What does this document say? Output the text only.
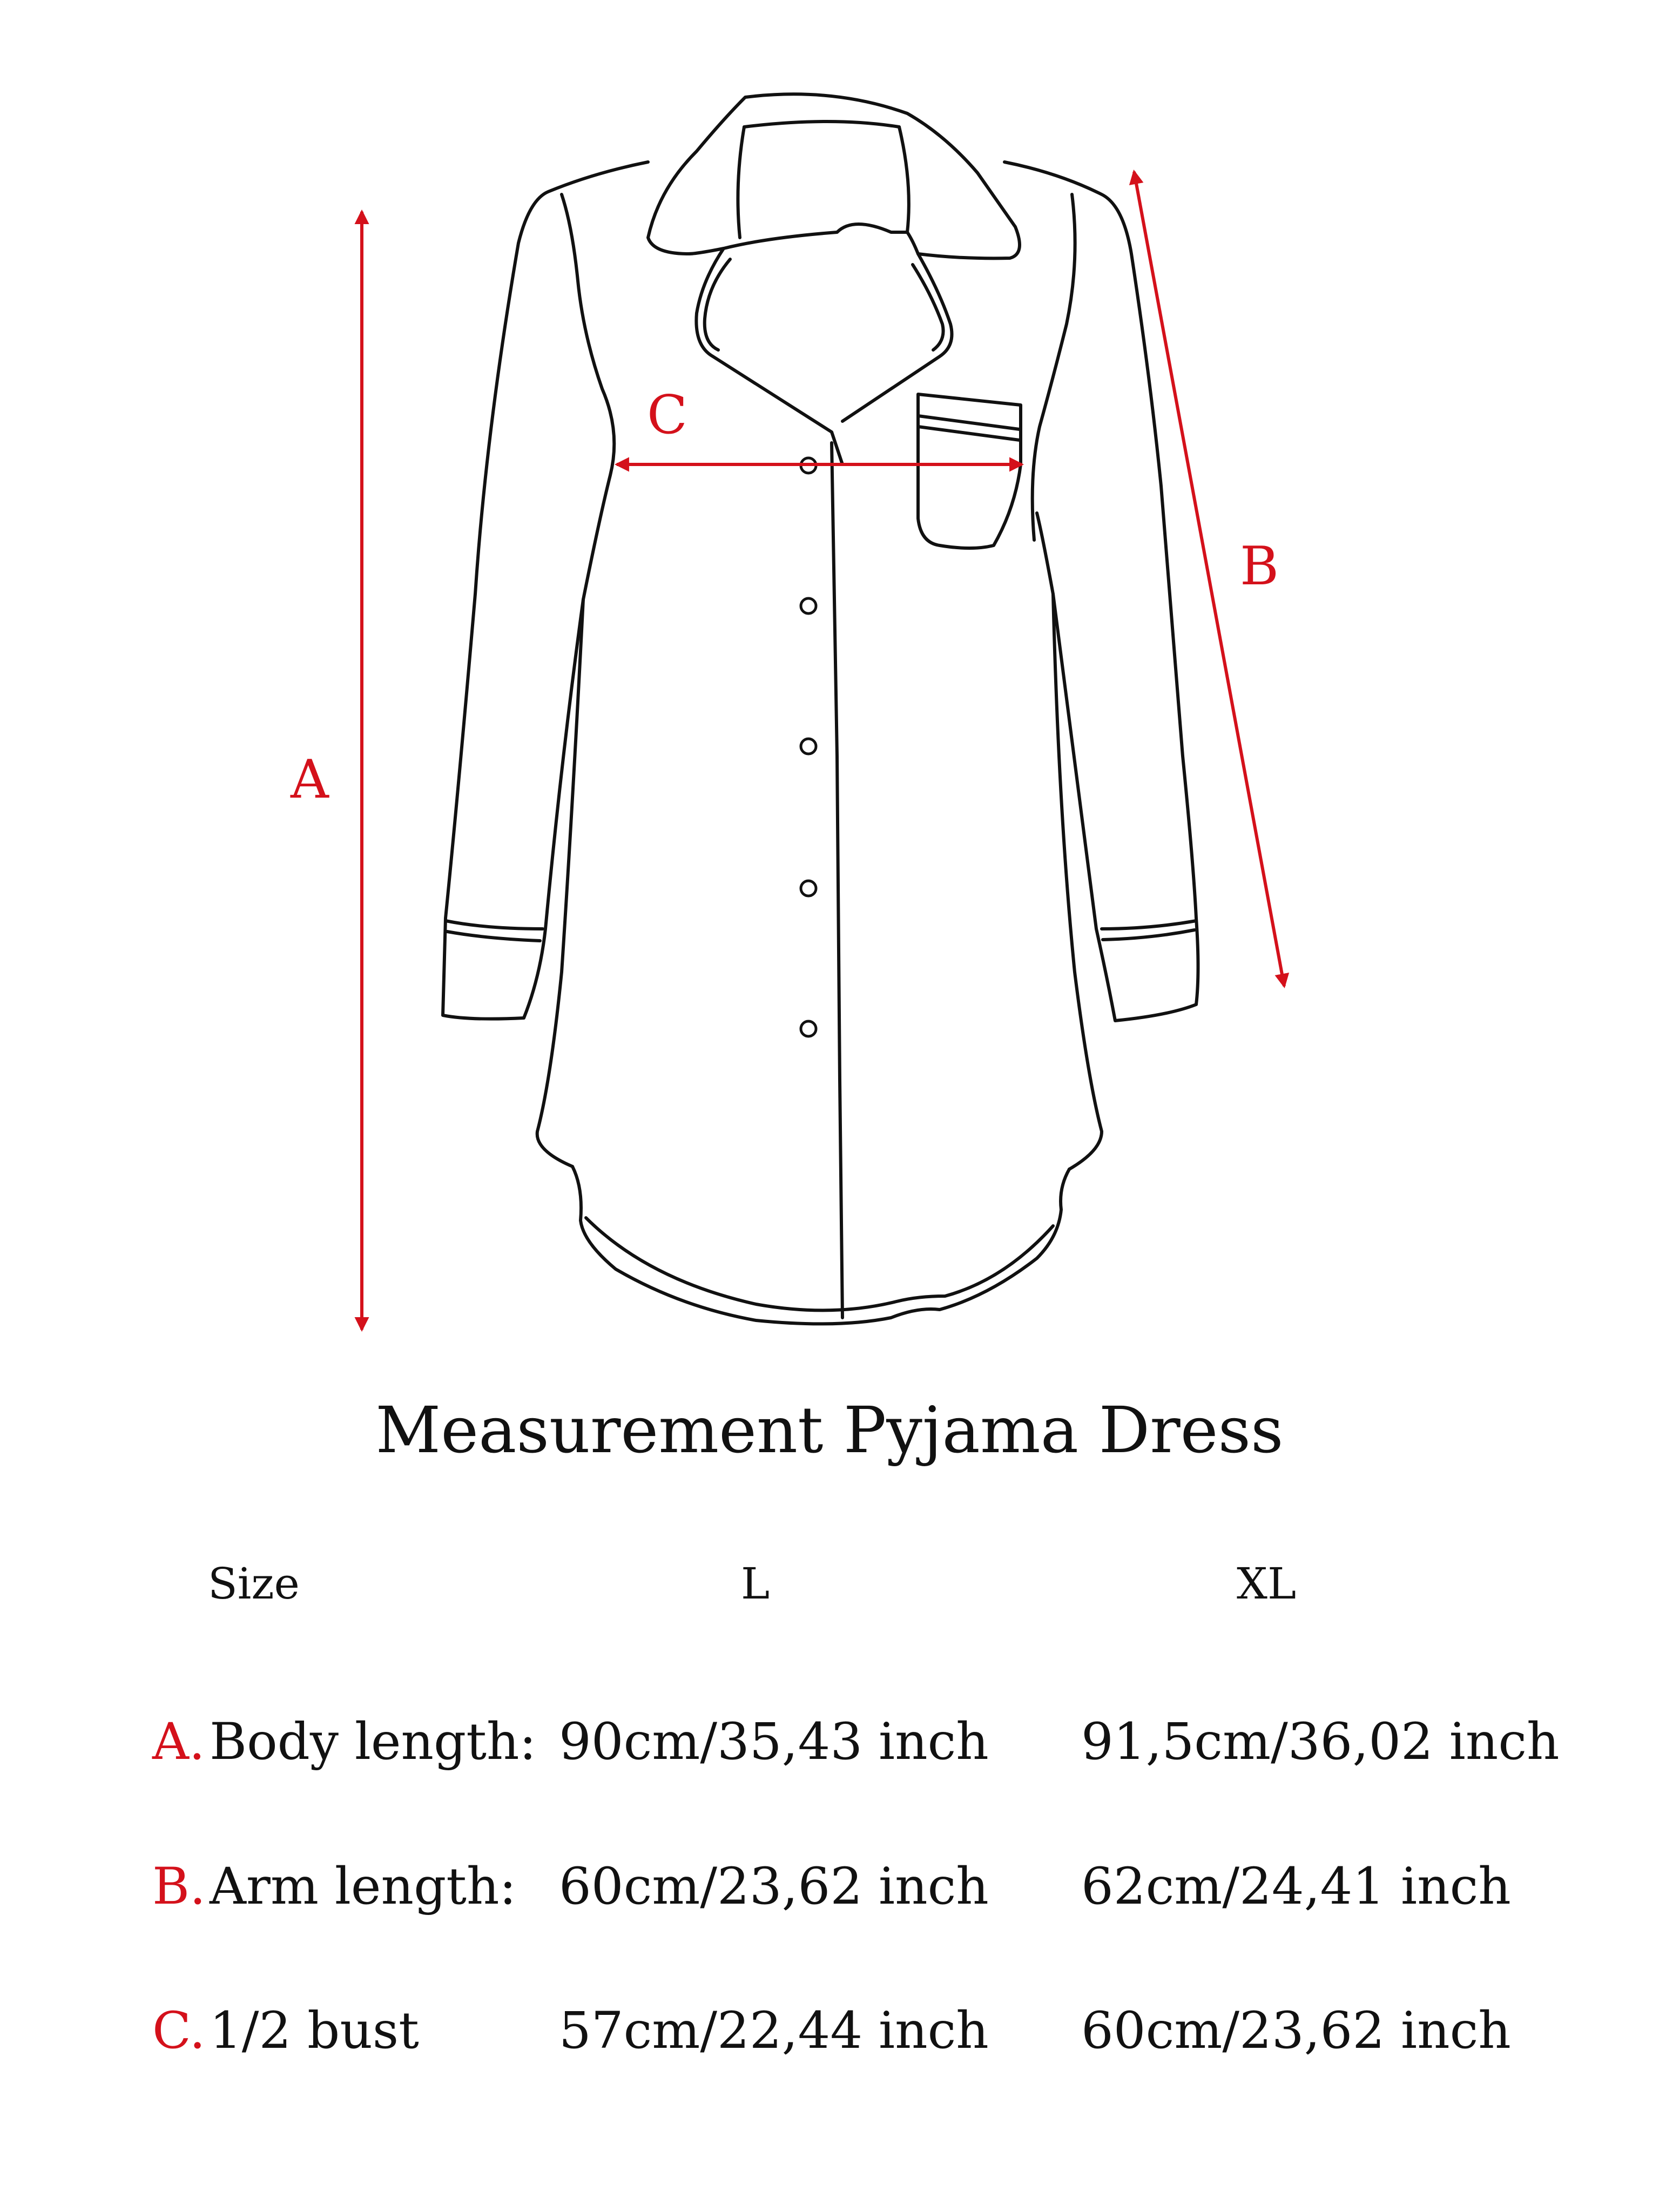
A
B
C
Measurement Pyjama Dress
Size	L	XL
A. Body length: 90cm/35,43 inch 91,5cm/36,02 inch
B. Arm length: 60cm/23,62 inch 62cm/24,41 inch
C. 1/2 bust	57cm/22,44 inch 60cm/23,62 inch
